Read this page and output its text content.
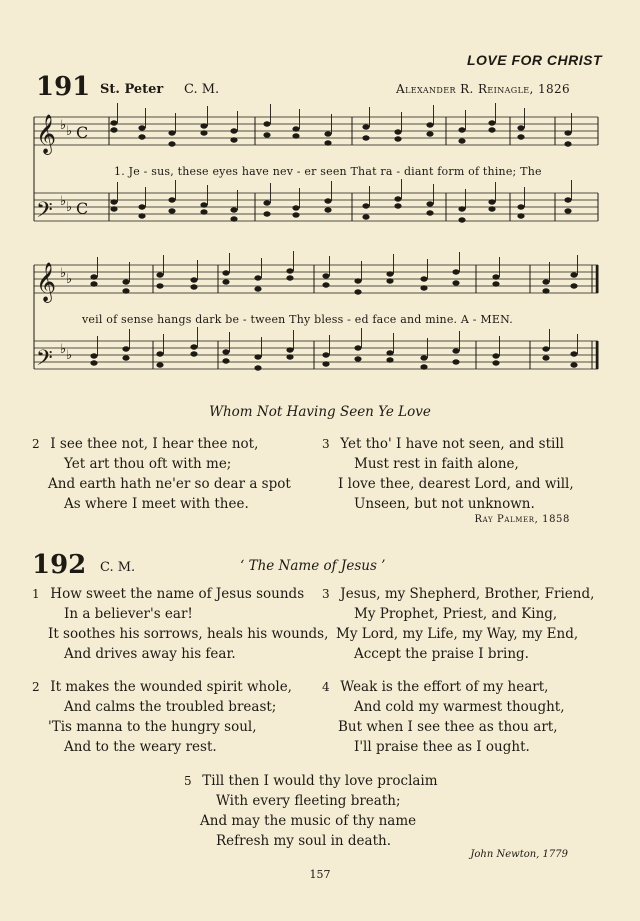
LOVE FOR CHRIST
191 St. Peter C. M.	Alexander R. Reinagle, 1826
𝄞 ♭ ♭ C
𝄢 ♭ ♭ C
𝄞 ♭ ♭
𝄢 ♭ ♭
1. Je - sus, these eyes have nev - er seen That ra - diant form of thine; The
veil of sense hangs dark be - tween Thy bless - ed face and mine. A - MEN.
Whom Not Having Seen Ye Love
2 I see thee not, I hear thee not,
Yet art thou oft with me;
And earth hath ne'er so dear a spot
As where I meet with thee.
3 Yet tho' I have not seen, and still
Must rest in faith alone,
I love thee, dearest Lord, and will,
Unseen, but not unknown.
Ray Palmer, 1858
192 C. M.	‘ The Name of Jesus ’
1 How sweet the name of Jesus sounds
In a believer's ear!
It soothes his sorrows, heals his wounds,
And drives away his fear.
3 Jesus, my Shepherd, Brother, Friend,
My Prophet, Priest, and King,
My Lord, my Life, my Way, my End,
Accept the praise I bring.
2 It makes the wounded spirit whole,
And calms the troubled breast;
'Tis manna to the hungry soul,
And to the weary rest.
4 Weak is the effort of my heart,
And cold my warmest thought,
But when I see thee as thou art,
I'll praise thee as I ought.
5 Till then I would thy love proclaim
With every fleeting breath;
And may the music of thy name
Refresh my soul in death.
John Newton, 1779
157
